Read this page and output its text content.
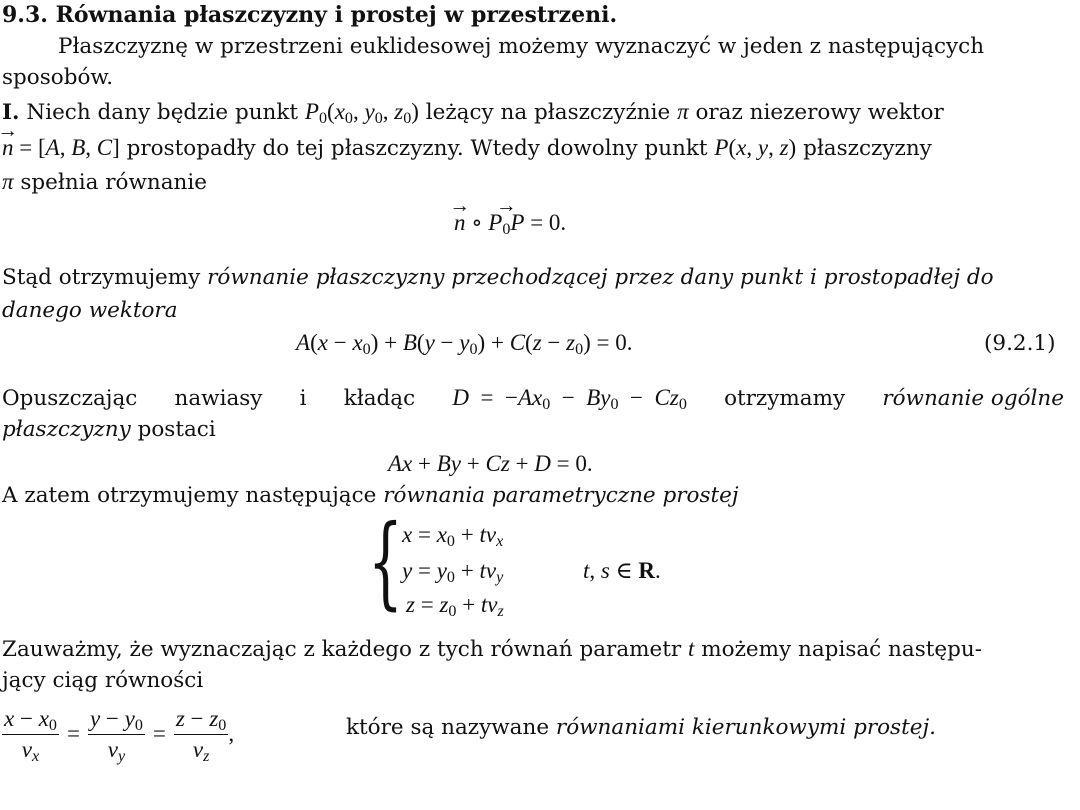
9.3. Równania płaszczyzny i prostej w przestrzeni.
Płaszczyznę w przestrzeni euklidesowej możemy wyznaczyć w jeden z następujących
sposobów.
I. Niech dany będzie punkt $P_0(x_0$, $y_0$, $z_0$) leżący na płaszczyźnie π oraz niezerowy wektor
→ n = [A, B, C] prostopadły do tej płaszczyzny. Wtedy dowolny punkt P(x, y, z) płaszczyzny
π spełnia równanie
→ n ∘ → $P_0P = 0$.
Stąd otrzymujemy równanie płaszczyzny przechodzącej przez dany punkt i prostopadłej do
danego wektora
$A(x - x_0) + B(y - y_0) + C(z - z_0) = 0$.	(9.2.1)
Opuszczając nawiasy i kładąc $D = -Ax_0 - By_0 - Cz_0$ otrzymamy równanie ogólne
płaszczyzny postaci
Ax + By + Cz + D = 0.
A zatem otrzymujemy następujące równania parametryczne prostej
{ $x = x_0 + tv_x$
$y = y_0 + tv_y$
$z = z_0 + tv_z$
t, s ∈ R.
Zauważmy, że wyznaczając z każdego z tych równań parametr t możemy napisać następu-
jący ciąg równości
$\frac{x - x_0}{v_x} = \frac{y - y_0}{v_y} = \frac{z - z_0}{v_z}$ ,	które są nazywane równaniami kierunkowymi prostej.
